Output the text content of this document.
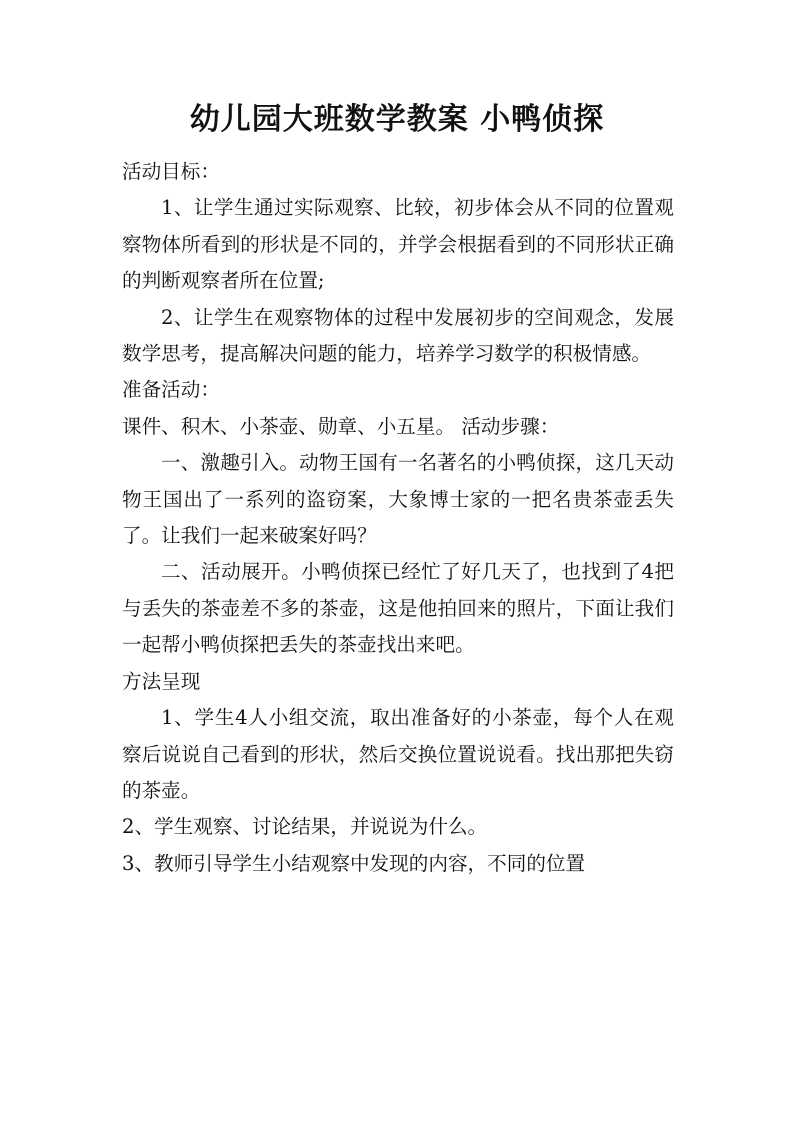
幼儿园大班数学教案 小鸭侦探

活动目标：

1、让学生通过实际观察、比较，初步体会从不同的位置观察物体所看到的形状是不同的，并学会根据看到的不同形状正确的判断观察者所在位置;

2、让学生在观察物体的过程中发展初步的空间观念，发展数学思考，提高解决问题的能力，培养学习数学的积极情感。

准备活动：

课件、积木、小茶壶、勋章、小五星。 活动步骤：

一、激趣引入。动物王国有一名著名的小鸭侦探，这几天动物王国出了一系列的盗窃案，大象博士家的一把名贵茶壶丢失了。让我们一起来破案好吗？

二、活动展开。小鸭侦探已经忙了好几天了，也找到了4把与丢失的茶壶差不多的茶壶，这是他拍回来的照片，下面让我们一起帮小鸭侦探把丢失的茶壶找出来吧。

方法呈现

1、学生4人小组交流，取出准备好的小茶壶，每个人在观察后说说自己看到的形状，然后交换位置说说看。找出那把失窃的茶壶。

2、学生观察、讨论结果，并说说为什么。

3、教师引导学生小结观察中发现的内容，不同的位置
